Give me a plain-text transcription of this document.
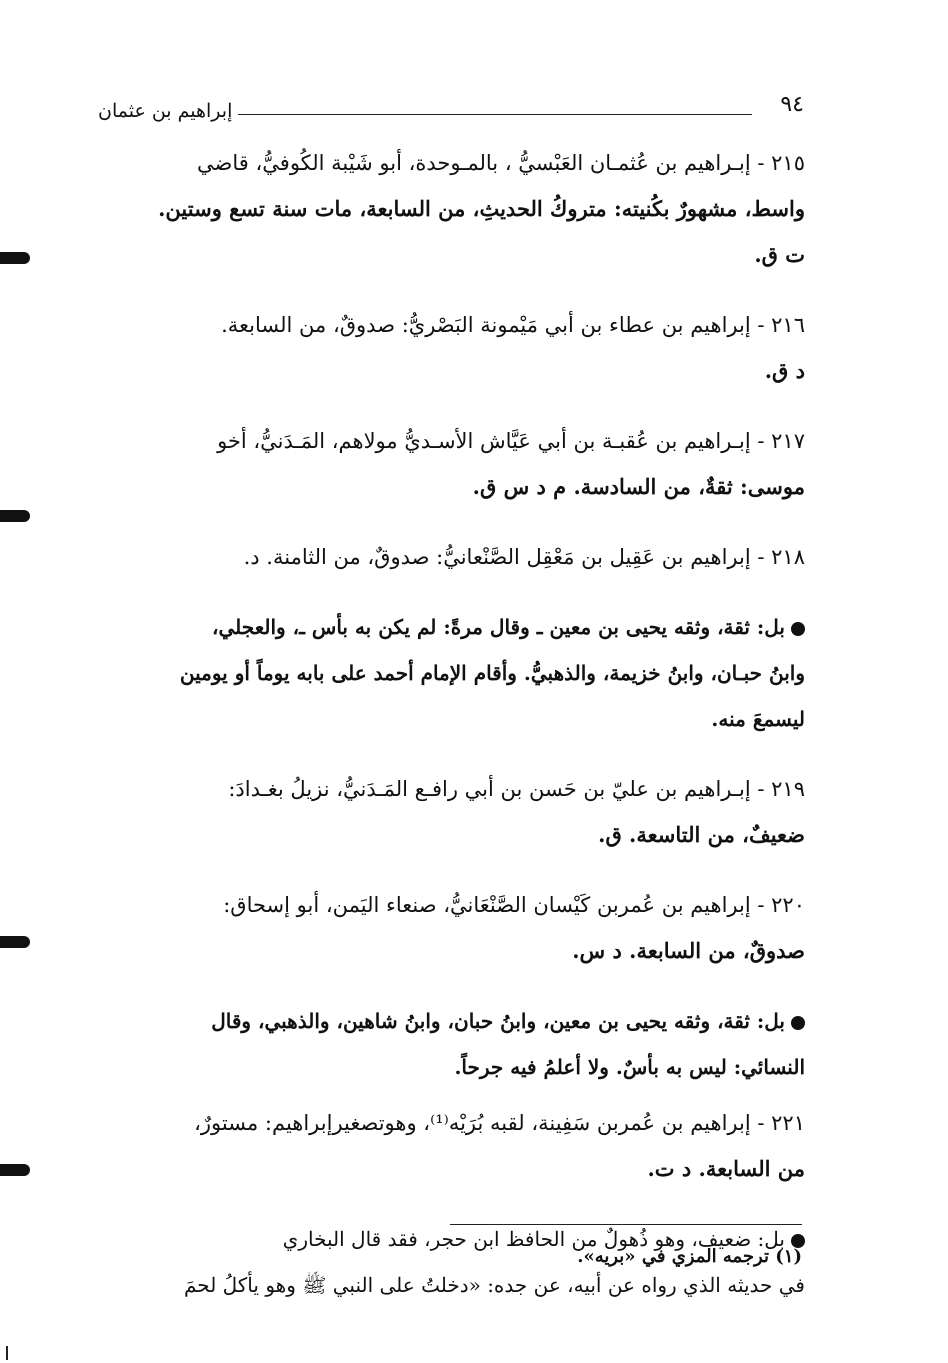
٩٤
إبراهيم بن عثمان
٢١٥ - إبـراهيم بن عُثمـان العَبْسيُّ ، بالمـوحدة، أبو شَيْبة الكُوفيُّ، قاضي
واسط، مشهورٌ بكُنيته: متروكُ الحديثِ، من السابعة، مات سنة تسع وستين.
ت ق.
٢١٦ - إبراهيم بن عطاء بن أبي مَيْمونة البَصْريُّ: صدوقٌ، من السابعة.
د ق.
٢١٧ - إبـراهيم بن عُقبـة بن أبي عَيَّاش الأسـديُّ مولاهم، المَـدَنيُّ، أخو
موسى: ثقةٌ، من السادسة. م د س ق.
٢١٨ - إبراهيم بن عَقِيل بن مَعْقِل الصَّنْعانيُّ: صدوقٌ، من الثامنة. د.
بل: ثقة، وثقه يحيى بن معين ـ وقال مرةً: لم يكن به بأس ـ، والعجلي،
وابنُ حبـان، وابنُ خزيمة، والذهبيُّ. وأقام الإمام أحمد على بابه يوماً أو يومين
ليسمعَ منه.
٢١٩ - إبـراهيم بن عليّ بن حَسن بن أبي رافـع المَـدَنيُّ، نزيلُ بغـدادَ:
ضعيفٌ، من التاسعة. ق.
٢٢٠ - إبراهيم بن عُمربن كَيْسان الصَّنْعَانيُّ، صنعاء اليَمن، أبو إسحاق:
صدوقٌ، من السابعة. د س.
بل: ثقة، وثقه يحيى بن معين، وابنُ حبان، وابنُ شاهين، والذهبي، وقال
النسائي: ليس به بأسٌ. ولا أعلمُ فيه جرحاً.
٢٢١ - إبراهيم بن عُمربن سَفِينة، لقبه بُرَيْه⁽¹⁾، وهوتصغيرإبراهيم: مستورٌ،
من السابعة. د ت.
بل: ضعيف، وهو ذُهولٌ من الحافظ ابن حجر، فقد قال البخاري
في حديثه الذي رواه عن أبيه، عن جده: «دخلتُ على النبي ﷺ وهو يأكلُ لحمَ
(١) ترجمه المزي في «بريه».
